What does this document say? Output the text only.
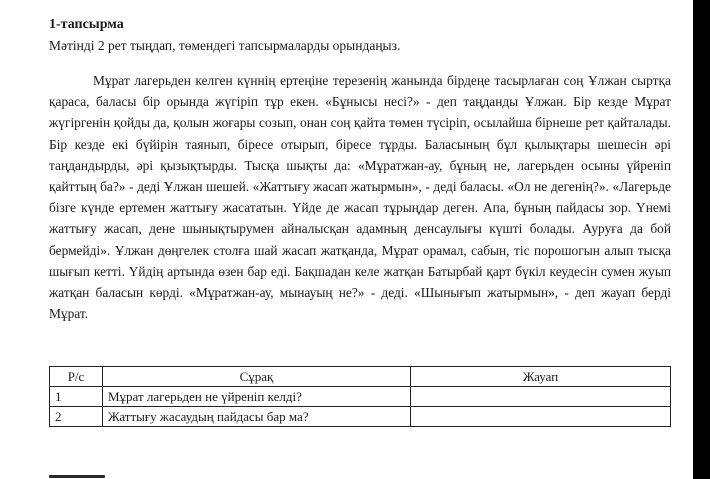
1-тапсырма
Мәтінді 2 рет тыңдап, төмендегі тапсырмаларды орындаңыз.

Мұрат лагерьден келген күннің ертеңіне терезенің жанында бірдеңе тасырлаған соң Ұлжан сыртқа қараса, баласы бір орында жүгіріп тұр екен. «Бұнысы несі?» - деп таңданды Ұлжан. Бір кезде Мұрат жүгіргенін қойды да, қолын жоғары созып, онан соң қайта төмен түсіріп, осылайша бірнеше рет қайталады. Бір кезде екі бүйірін таянып, біресе отырып, біресе тұрды. Баласының бұл қылықтары шешесін әрі таңдандырды, әрі қызықтырды. Тысқа шықты да: «Мұратжан-ау, бұның не, лагерьден осыны үйреніп қайттың ба?» - деді Ұлжан шешей. «Жаттығу жасап жатырмын», - деді баласы. «Ол не дегенің?». «Лагерьде бізге күнде ертемен жаттығу жасататын. Үйде де жасап тұрыңдар деген. Апа, бұның пайдасы зор. Үнемі жаттығу жасап, дене шынықтырумен айналысқан адамның денсаулығы күшті болады. Ауруға да бой бермейді». Ұлжан дөңгелек столға шай жасап жатқанда, Мұрат орамал, сабын, тіс порошогын алып тысқа шығып кетті. Үйдің артында өзен бар еді. Бақшадан келе жатқан Батырбай қарт бүкіл кеудесін сумен жуып жатқан баласын көрді. «Мұратжан-ау, мынауың не?» - деді. «Шынығып жатырмын», - деп жауап берді Мұрат.

Р/с	Сұрақ	Жауап
1	Мұрат лагерьден не үйреніп келді?	
2	Жаттығу жасаудың пайдасы бар ма?	
